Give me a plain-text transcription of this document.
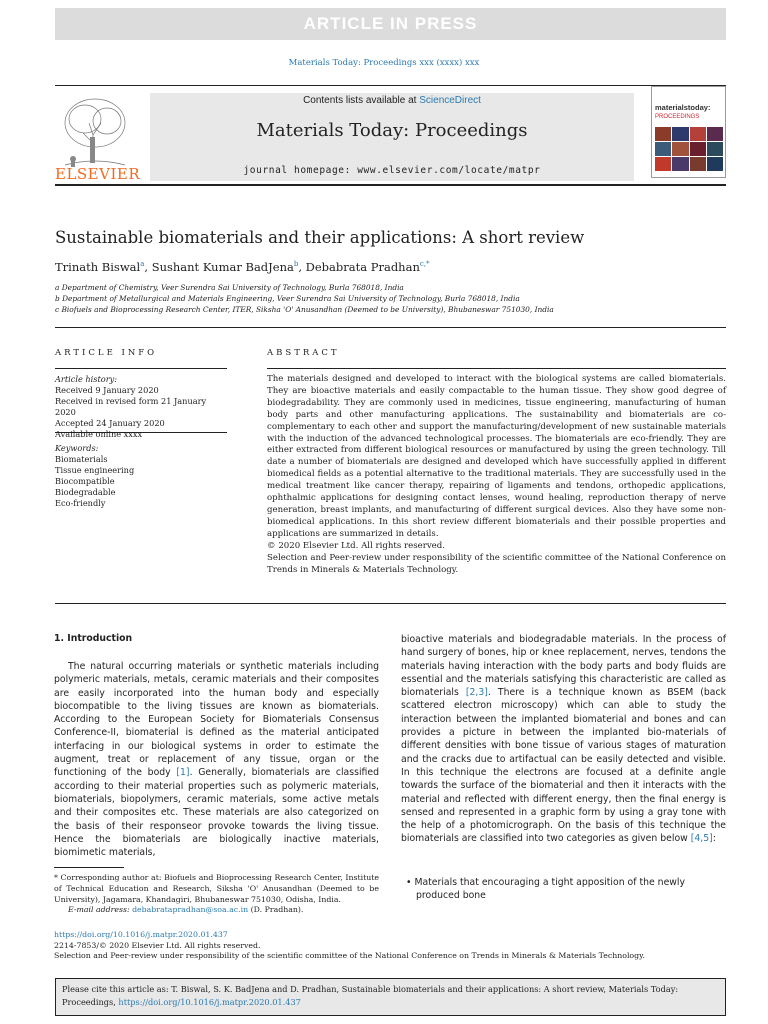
ARTICLE IN PRESS
Materials Today: Proceedings xxx (xxxx) xxx
ELSEVIER
Contents lists available at ScienceDirect
Materials Today: Proceedings
journal homepage: www.elsevier.com/locate/matpr
materialstoday:
PROCEEDINGS
Sustainable biomaterials and their applications: A short review
Trinath Biswal$^a$, Sushant Kumar BadJena$^b$, Debabrata Pradhan$^{c,*}$
a Department of Chemistry, Veer Surendra Sai University of Technology, Burla 768018, India
b Department of Metallurgical and Materials Engineering, Veer Surendra Sai University of Technology, Burla 768018, India
c Biofuels and Bioprocessing Research Center, ITER, Siksha 'O' Anusandhan (Deemed to be University), Bhubaneswar 751030, India
ARTICLE INFO	ABSTRACT
Article history:
Received 9 January 2020
Received in revised form 21 January 2020
Accepted 24 January 2020
Available online xxxx
Keywords:
Biomaterials
Tissue engineering
Biocompatible
Biodegradable
Eco-friendly
The materials designed and developed to interact with the biological systems are called biomaterials. They are bioactive materials and easily compactable to the human tissue. They show good degree of biodegradability. They are commonly used in medicines, tissue engineering, manufacturing of human body parts and other manufacturing applications. The sustainability and biomaterials are co-complementary to each other and support the manufacturing/development of new sustainable materials with the induction of the advanced technological processes. The biomaterials are eco-friendly. They are either extracted from different biological resources or manufactured by using the green technology. Till date a number of biomaterials are designed and developed which have successfully applied in different biomedical fields as a potential alternative to the traditional materials. They are successfully used in the medical treatment like cancer therapy, repairing of ligaments and tendons, orthopedic applications, ophthalmic applications for designing contact lenses, wound healing, reproduction therapy of nerve generation, breast implants, and manufacturing of different surgical devices. Also they have some non-biomedical applications. In this short review different biomaterials and their possible properties and applications are summarized in details.
© 2020 Elsevier Ltd. All rights reserved.
Selection and Peer-review under responsibility of the scientific committee of the National Conference on Trends in Minerals & Materials Technology.
1. Introduction

The natural occurring materials or synthetic materials including polymeric materials, metals, ceramic materials and their composites are easily incorporated into the human body and especially biocompatible to the living tissues are known as biomaterials. According to the European Society for Biomaterials Consensus Conference-II, biomaterial is defined as the material anticipated interfacing in our biological systems in order to estimate the augment, treat or replacement of any tissue, organ or the functioning of the body [1]. Generally, biomaterials are classified according to their material properties such as polymeric materials, biomaterials, biopolymers, ceramic materials, some active metals and their composites etc. These materials are also categorized on the basis of their responseor provoke towards the living tissue. Hence the biomaterials are biologically inactive materials, biomimetic materials,

bioactive materials and biodegradable materials. In the process of hand surgery of bones, hip or knee replacement, nerves, tendons the materials having interaction with the body parts and body fluids are essential and the materials satisfying this characteristic are called as biomaterials [2,3]. There is a technique known as BSEM (back scattered electron microscopy) which can able to study the interaction between the implanted biomaterial and bones and can provides a picture in between the implanted bio-materials of different densities with bone tissue of various stages of maturation and the cracks due to artifactual can be easily detected and visible. In this technique the electrons are focused at a definite angle towards the surface of the biomaterial and then it interacts with the material and reflected with different energy, then the final energy is sensed and represented in a graphic form by using a gray tone with the help of a photomicrograph. On the basis of this technique the biomaterials are classified into two categories as given below [4,5]:
• Materials that encouraging a tight apposition of the newly produced bone
* Corresponding author at: Biofuels and Bioprocessing Research Center, Institute of Technical Education and Research, Siksha 'O' Anusandhan (Deemed to be University), Jagamara, Khandagiri, Bhubaneswar 751030, Odisha, India.
E-mail address: debabratapradhan@soa.ac.in (D. Pradhan).
https://doi.org/10.1016/j.matpr.2020.01.437
2214-7853/© 2020 Elsevier Ltd. All rights reserved.
Selection and Peer-review under responsibility of the scientific committee of the National Conference on Trends in Minerals & Materials Technology.
Please cite this article as: T. Biswal, S. K. BadJena and D. Pradhan, Sustainable biomaterials and their applications: A short review, Materials Today: Proceedings, https://doi.org/10.1016/j.matpr.2020.01.437
